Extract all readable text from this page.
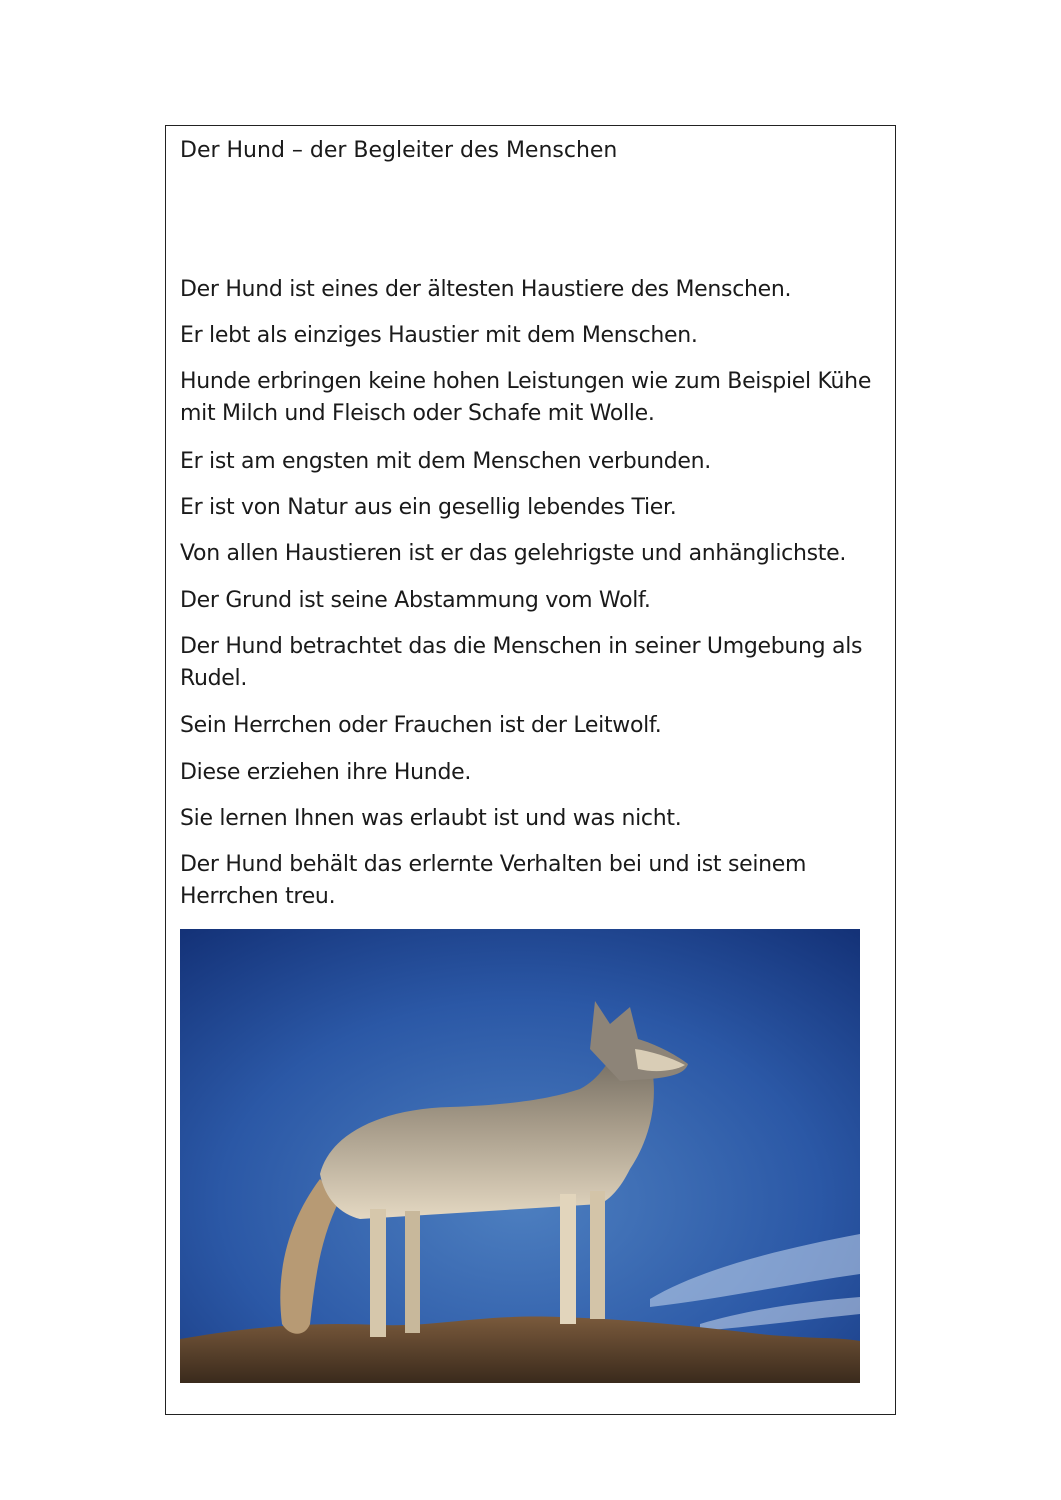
Der Hund – der Begleiter des Menschen

Der Hund ist eines der ältesten Haustiere des Menschen.

Er lebt als einziges Haustier mit dem Menschen.

Hunde erbringen keine hohen Leistungen wie zum Beispiel Kühe mit Milch und Fleisch oder Schafe mit Wolle.

Er ist am engsten mit dem Menschen verbunden.

Er ist von Natur aus ein gesellig lebendes Tier.

Von allen Haustieren ist er das gelehrigste und anhänglichste.

Der Grund ist seine Abstammung vom Wolf.

Der Hund betrachtet das die Menschen in seiner Umgebung als Rudel.

Sein Herrchen oder Frauchen ist der Leitwolf.

Diese erziehen ihre Hunde.

Sie lernen Ihnen was erlaubt ist und was nicht.

Der Hund behält das erlernte Verhalten bei und ist seinem Herrchen treu.
